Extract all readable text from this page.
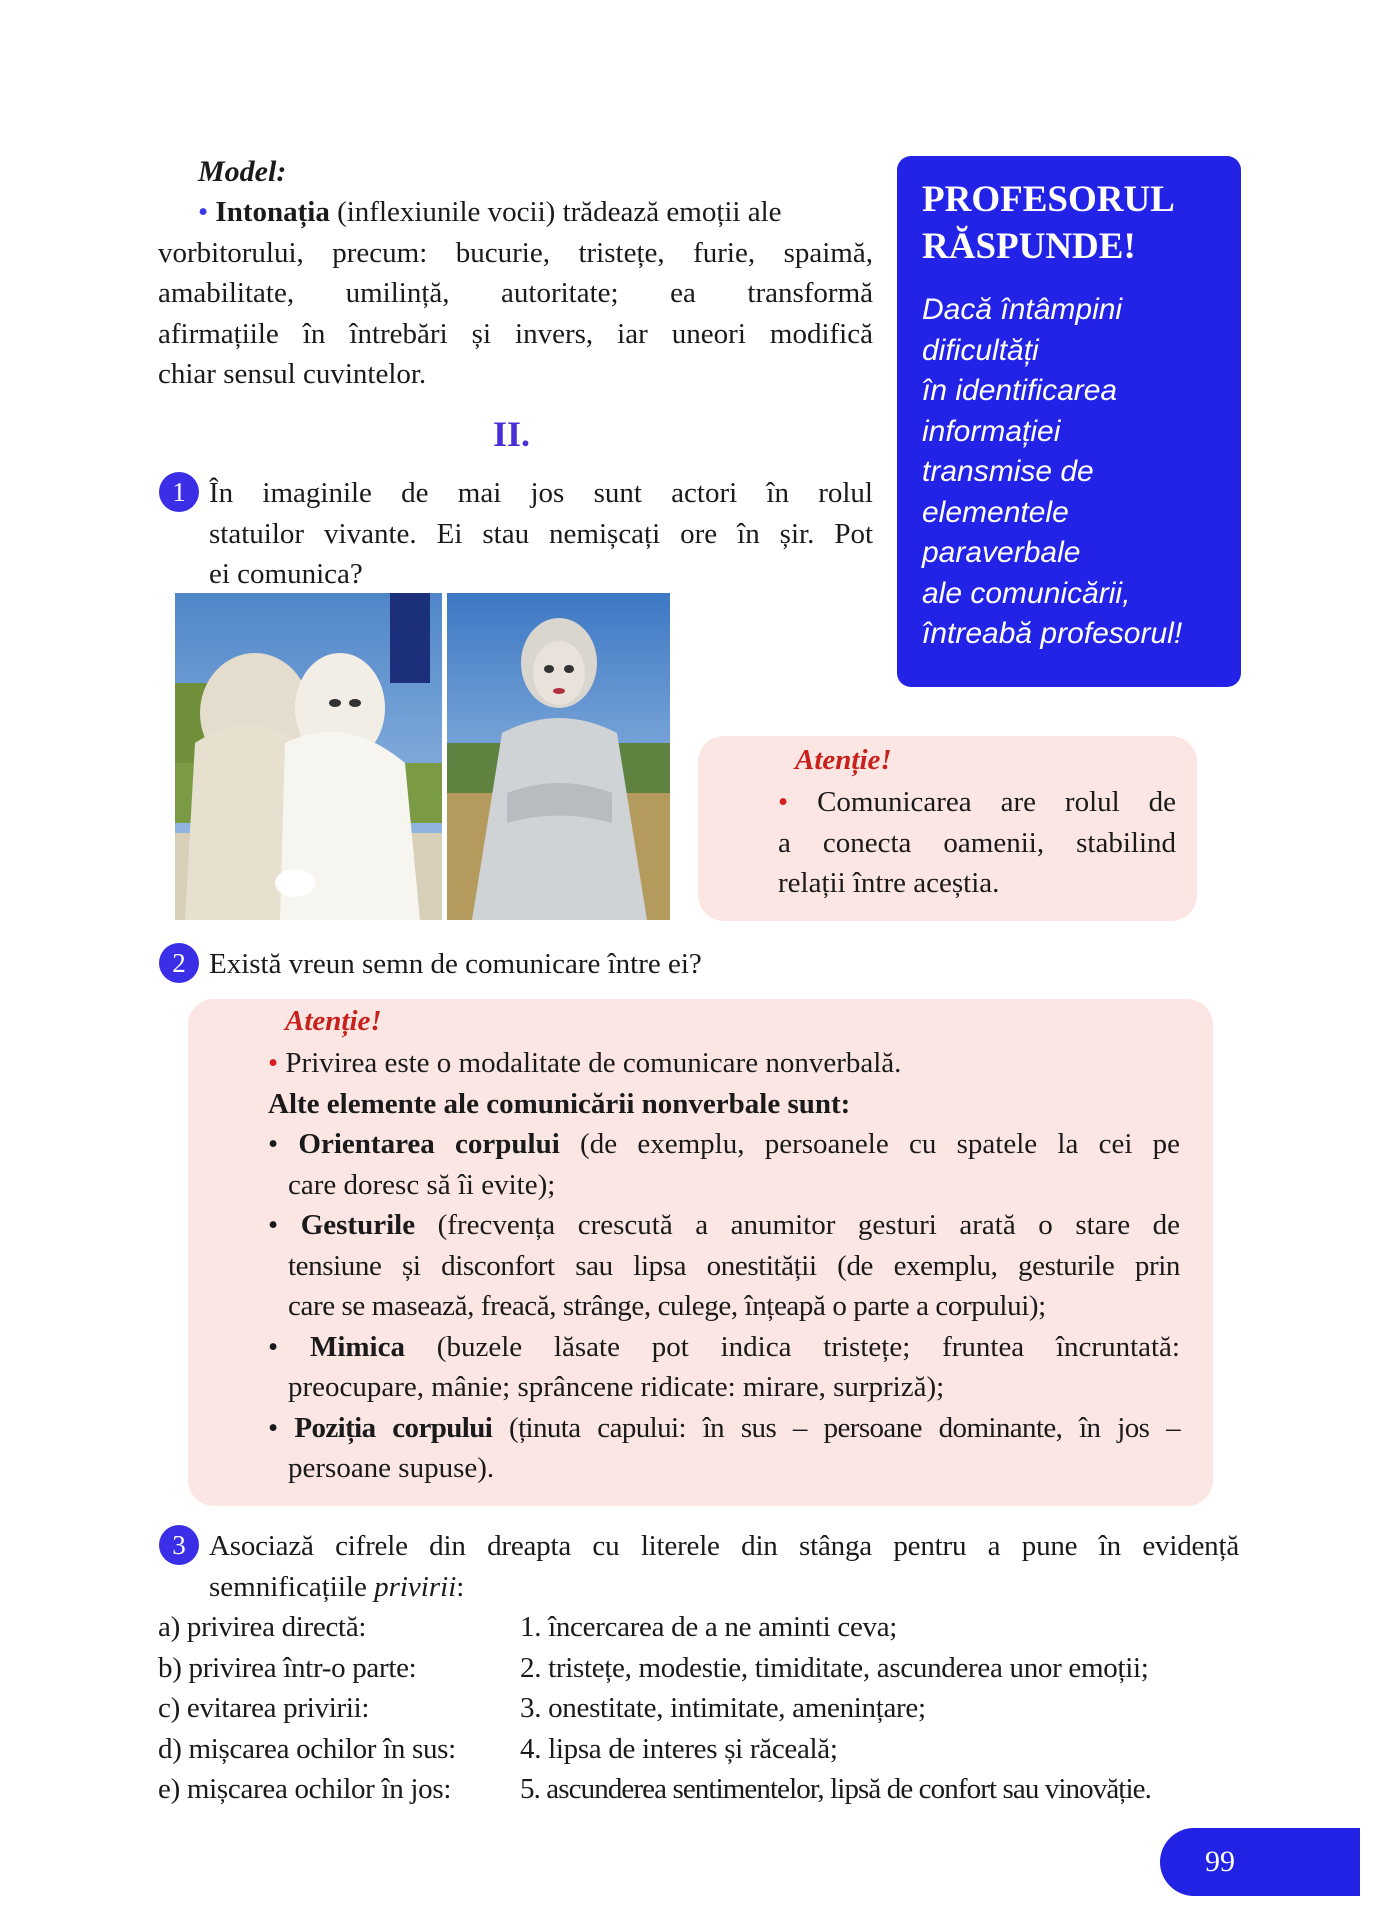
Model:
• Intonația (inflexiunile vocii) trădează emoții ale
vorbitorului, precum: bucurie, tristețe, furie, spaimă,
amabilitate, umilință, autoritate; ea transformă
afirmațiile în întrebări și invers, iar uneori modifică
chiar sensul cuvintelor.
II.
1 În imaginile de mai jos sunt actori în rolul
statuilor vivante. Ei stau nemișcați ore în șir. Pot
ei comunica?
PROFESORUL
RĂSPUNDE!
Dacă întâmpini
dificultăți
în identificarea
informației
transmise de
elementele
paraverbale
ale comunicării,
întreabă profesorul!
Atenție!
• Comunicarea are rolul de
a conecta oamenii, stabilind
relații între aceștia.
2 Există vreun semn de comunicare între ei?
Atenție!
• Privirea este o modalitate de comunicare nonverbală.
Alte elemente ale comunicării nonverbale sunt:
• Orientarea corpului (de exemplu, persoanele cu spatele la cei pe
care doresc să îi evite);
• Gesturile (frecvența crescută a anumitor gesturi arată o stare de
tensiune și disconfort sau lipsa onestității (de exemplu, gesturile prin
care se masează, freacă, strânge, culege, înțeapă o parte a corpului);
• Mimica (buzele lăsate pot indica tristețe; fruntea încruntată:
preocupare, mânie; sprâncene ridicate: mirare, surpriză);
• Poziția corpului (ținuta capului: în sus – persoane dominante, în jos –
persoane supuse).
3 Asociază cifrele din dreapta cu literele din stânga pentru a pune în evidență
semnificațiile privirii:
a) privirea directă:
b) privirea într-o parte:
c) evitarea privirii:
d) mișcarea ochilor în sus:
e) mișcarea ochilor în jos:
1. încercarea de a ne aminti ceva;
2. tristețe, modestie, timiditate, ascunderea unor emoții;
3. onestitate, intimitate, amenințare;
4. lipsa de interes și răceală;
5. ascunderea sentimentelor, lipsă de confort sau vinovăție.
99
